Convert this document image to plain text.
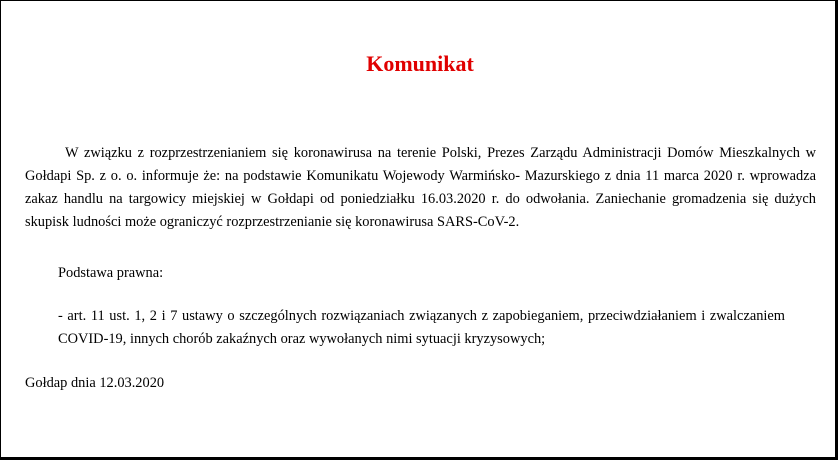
Komunikat

W związku z rozprzestrzenianiem się koronawirusa na terenie Polski, Prezes Zarządu Administracji Domów Mieszkalnych w Gołdapi Sp. z o. o. informuje że: na podstawie Komunikatu Wojewody Warmińsko- Mazurskiego z dnia 11 marca 2020 r. wprowadza zakaz handlu na targowicy miejskiej w Gołdapi od poniedziałku 16.03.2020 r. do odwołania. Zaniechanie gromadzenia się dużych skupisk ludności może ograniczyć rozprzestrzenianie się koronawirusa SARS-CoV-2.

Podstawa prawna:

- art. 11 ust. 1, 2 i 7 ustawy o szczególnych rozwiązaniach związanych z zapobieganiem, przeciwdziałaniem i zwalczaniem COVID-19, innych chorób zakaźnych oraz wywołanych nimi sytuacji kryzysowych;

Gołdap dnia 12.03.2020
